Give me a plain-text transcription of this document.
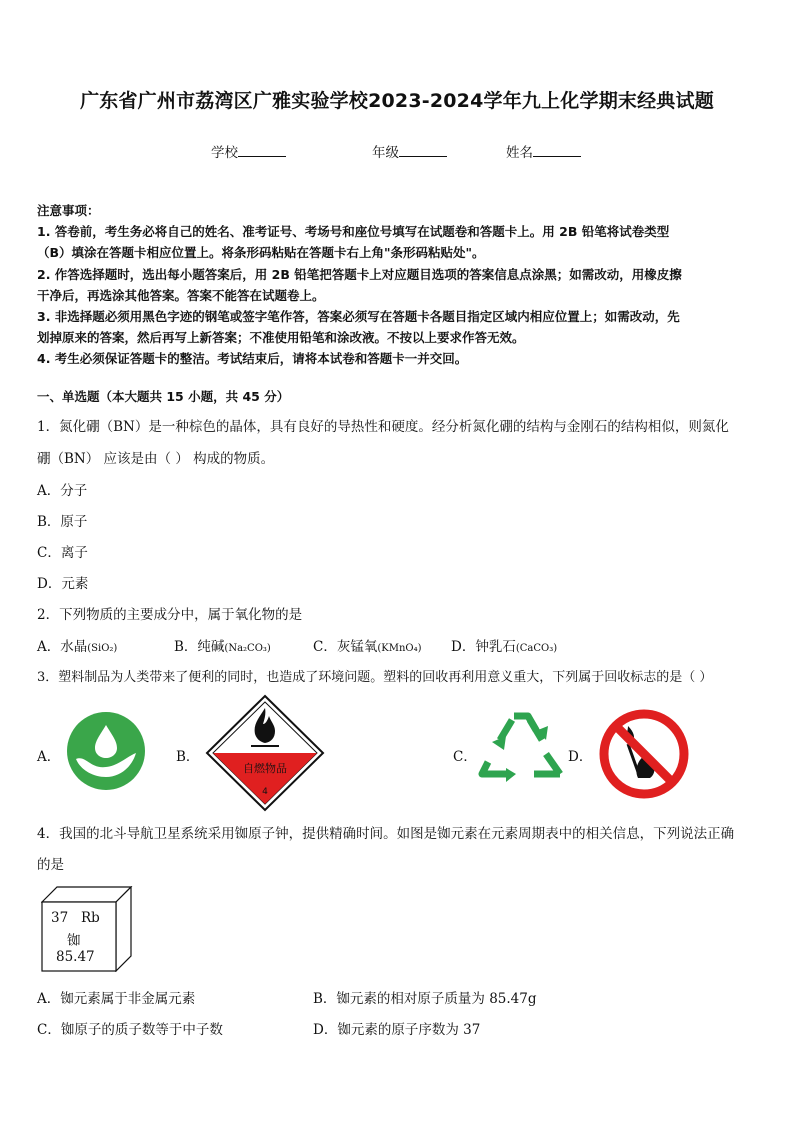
广东省广州市荔湾区广雅实验学校2023-2024学年九上化学期末经典试题
学校	年级	姓名
注意事项：
1. 答卷前，考生务必将自己的姓名、准考证号、考场号和座位号填写在试题卷和答题卡上。用 2B 铅笔将试卷类型
（B）填涂在答题卡相应位置上。将条形码粘贴在答题卡右上角"条形码粘贴处"。
2. 作答选择题时，选出每小题答案后，用 2B 铅笔把答题卡上对应题目选项的答案信息点涂黑；如需改动，用橡皮擦
干净后，再选涂其他答案。答案不能答在试题卷上。
3. 非选择题必须用黑色字迹的钢笔或签字笔作答，答案必须写在答题卡各题目指定区域内相应位置上；如需改动，先
划掉原来的答案，然后再写上新答案；不准使用铅笔和涂改液。不按以上要求作答无效。
4. 考生必须保证答题卡的整洁。考试结束后，请将本试卷和答题卡一并交回。
一、单选题（本大题共 15 小题，共 45 分）
1．氮化硼（BN）是一种棕色的晶体，具有良好的导热性和硬度。经分析氮化硼的结构与金刚石的结构相似，则氮化
硼（BN） 应该是由（ ） 构成的物质。
A．分子
B．原子
C．离子
D．元素
2．下列物质的主要成分中，属于氧化物的是
A．水晶(SiO₂)	B．纯碱(Na₂CO₃)	C．灰锰氧(KMnO₄) D．钟乳石(CaCO₃)
3．塑料制品为人类带来了便利的同时，也造成了环境问题。塑料的回收再利用意义重大，下列属于回收标志的是（ ）
A．	B．
自燃物品
4
C．	D．
4．我国的北斗导航卫星系统采用铷原子钟，提供精确时间。如图是铷元素在元素周期表中的相关信息，下列说法正确
的是
37 Rb
铷
85.47
A．铷元素属于非金属元素	B．铷元素的相对原子质量为 85.47g
C．铷原子的质子数等于中子数	D．铷元素的原子序数为 37
